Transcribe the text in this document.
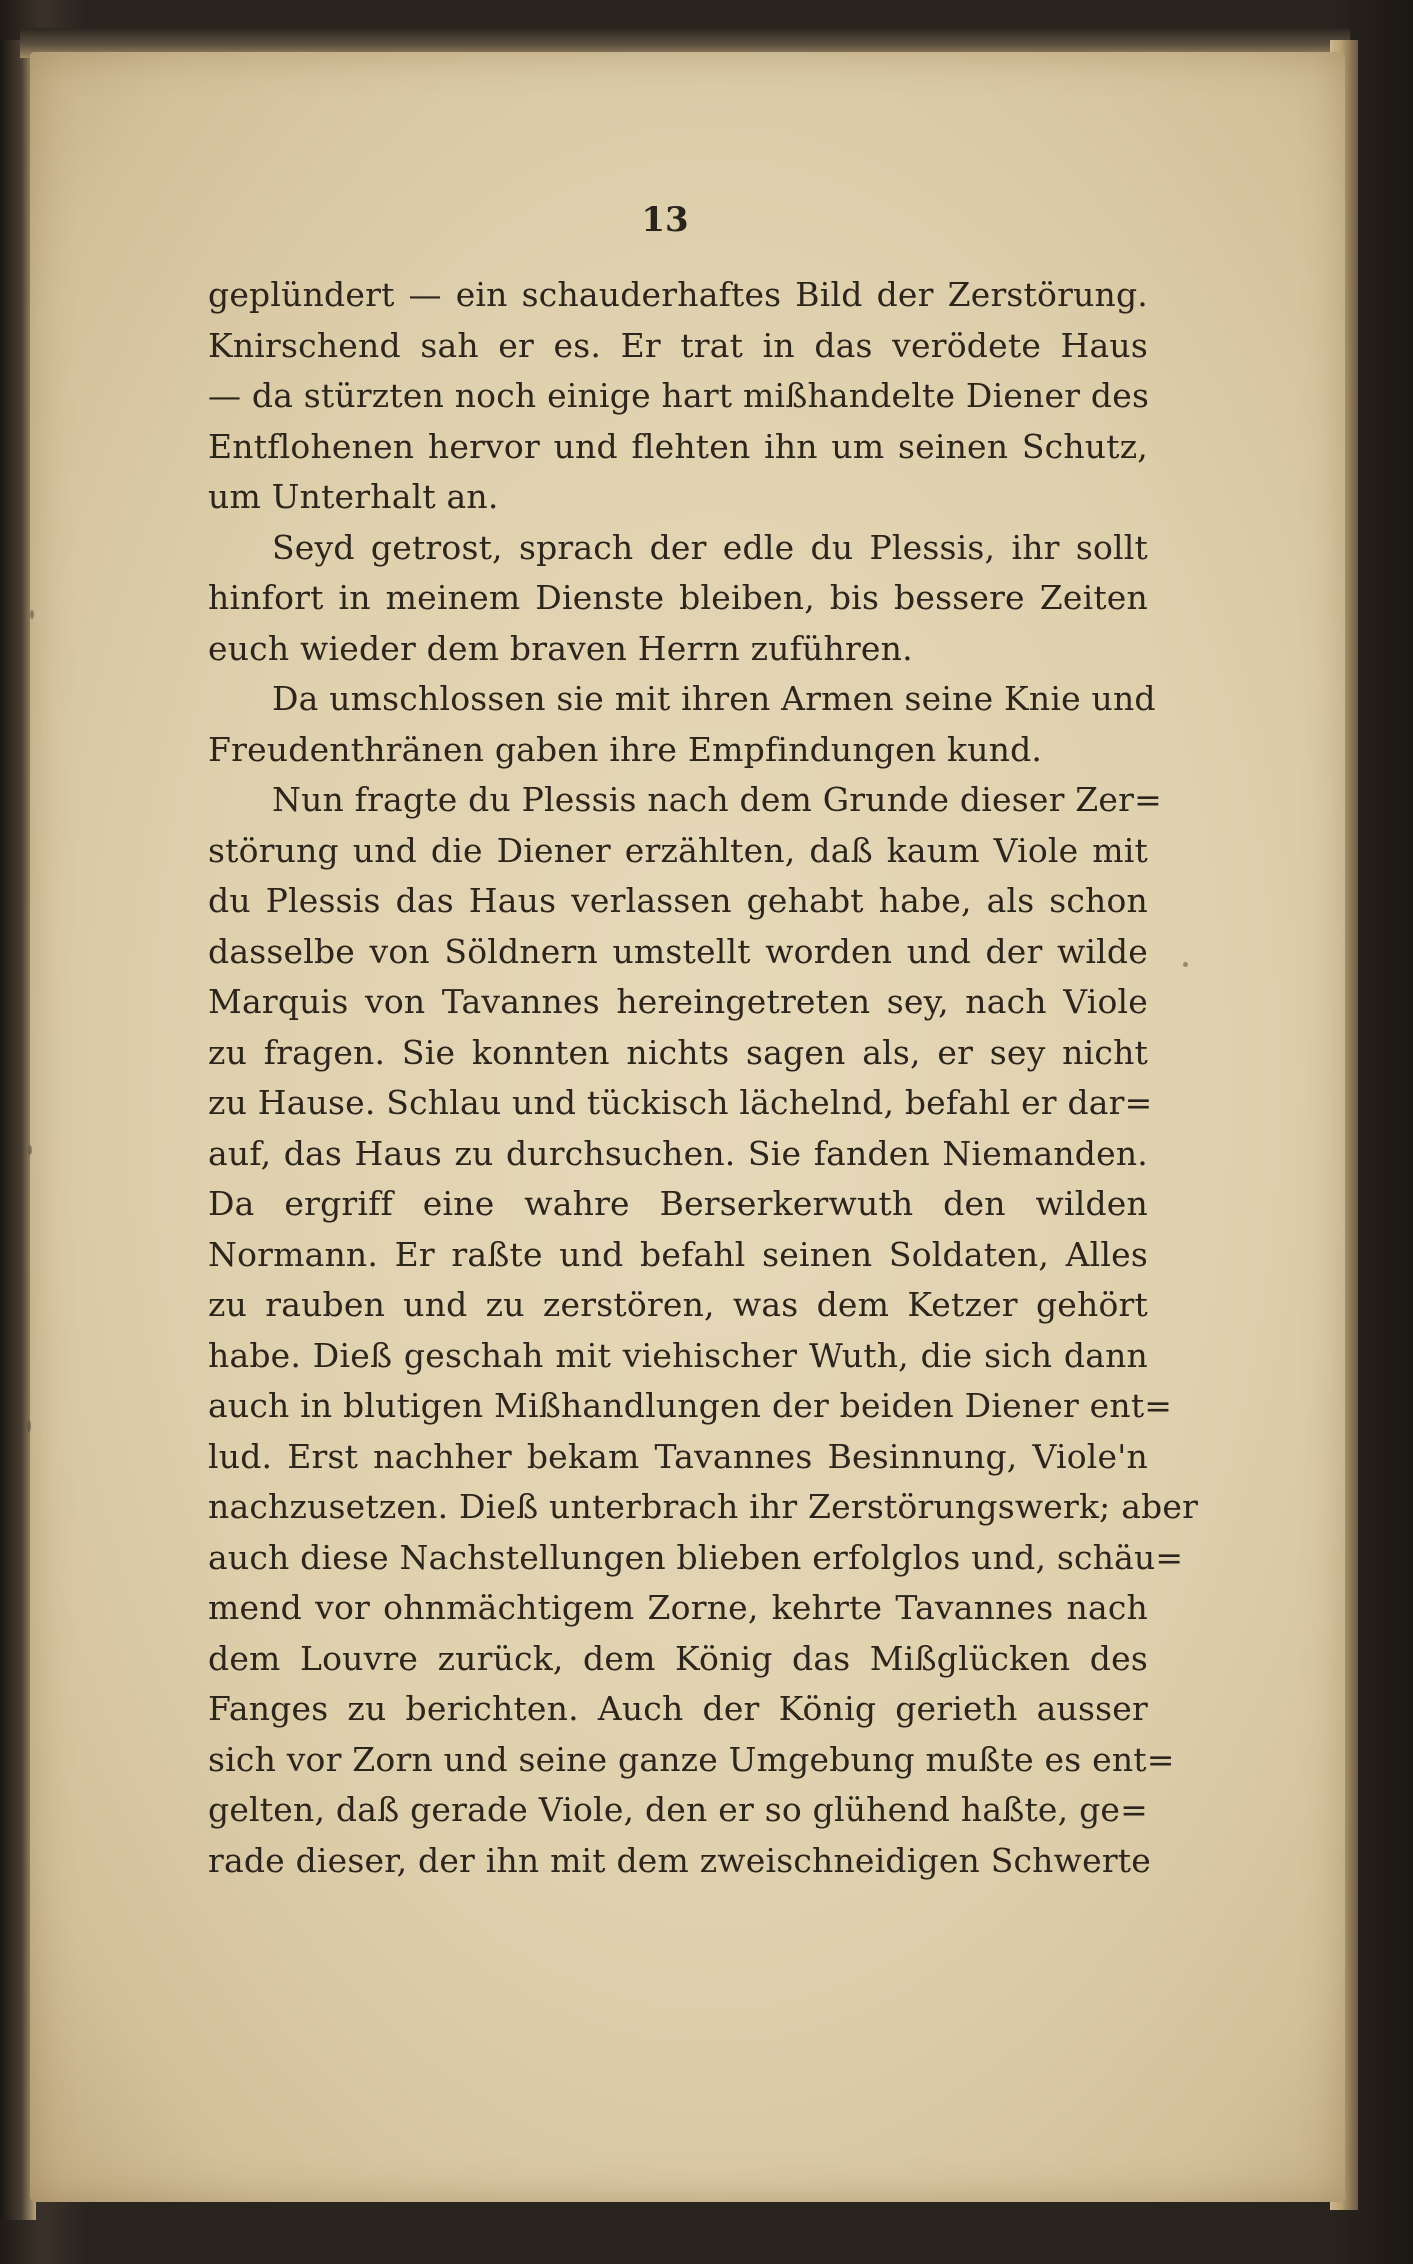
13
geplündert — ein schauderhaftes Bild der Zerstörung.
Knirschend sah er es. Er trat in das verödete Haus
— da stürzten noch einige hart mißhandelte Diener des
Entflohenen hervor und flehten ihn um seinen Schutz,
um Unterhalt an.
Seyd getrost, sprach der edle du Plessis, ihr sollt
hinfort in meinem Dienste bleiben, bis bessere Zeiten
euch wieder dem braven Herrn zuführen.
Da umschlossen sie mit ihren Armen seine Knie und
Freudenthränen gaben ihre Empfindungen kund.
Nun fragte du Plessis nach dem Grunde dieser Zer=
störung und die Diener erzählten, daß kaum Viole mit
du Plessis das Haus verlassen gehabt habe, als schon
dasselbe von Söldnern umstellt worden und der wilde
Marquis von Tavannes hereingetreten sey, nach Viole
zu fragen. Sie konnten nichts sagen als, er sey nicht
zu Hause. Schlau und tückisch lächelnd, befahl er dar=
auf, das Haus zu durchsuchen. Sie fanden Niemanden.
Da ergriff eine wahre Berserkerwuth den wilden
Normann. Er raßte und befahl seinen Soldaten, Alles
zu rauben und zu zerstören, was dem Ketzer gehört
habe. Dieß geschah mit viehischer Wuth, die sich dann
auch in blutigen Mißhandlungen der beiden Diener ent=
lud. Erst nachher bekam Tavannes Besinnung, Viole'n
nachzusetzen. Dieß unterbrach ihr Zerstörungswerk; aber
auch diese Nachstellungen blieben erfolglos und, schäu=
mend vor ohnmächtigem Zorne, kehrte Tavannes nach
dem Louvre zurück, dem König das Mißglücken des
Fanges zu berichten. Auch der König gerieth ausser
sich vor Zorn und seine ganze Umgebung mußte es ent=
gelten, daß gerade Viole, den er so glühend haßte, ge=
rade dieser, der ihn mit dem zweischneidigen Schwerte
